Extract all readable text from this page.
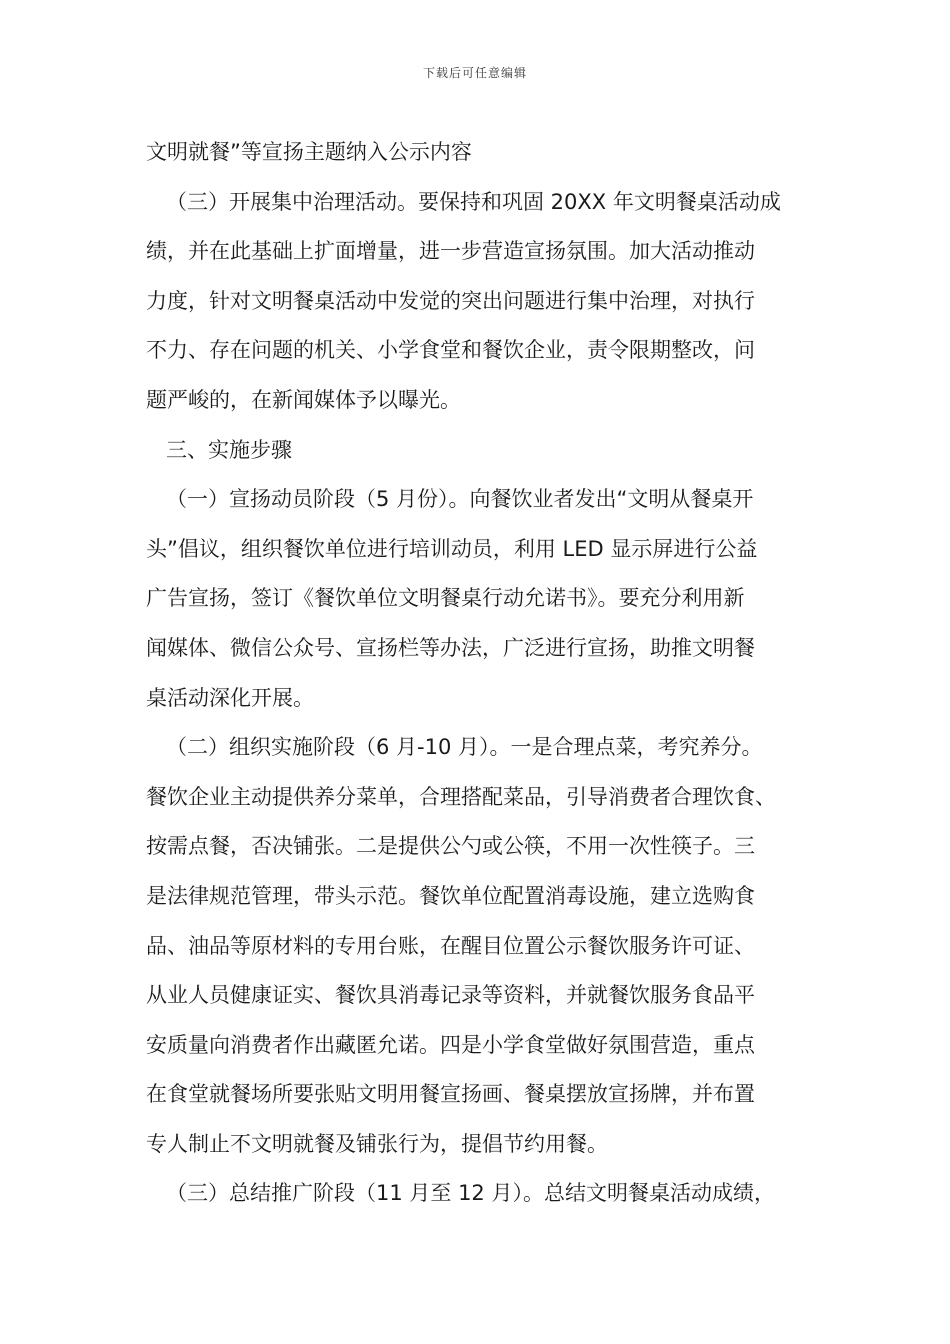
下载后可任意编辑
文明就餐”等宣扬主题纳入公示内容
（三）开展集中治理活动。要保持和巩固 20XX 年文明餐桌活动成
绩，并在此基础上扩面增量，进一步营造宣扬氛围。加大活动推动
力度，针对文明餐桌活动中发觉的突出问题进行集中治理，对执行
不力、存在问题的机关、小学食堂和餐饮企业，责令限期整改，问
题严峻的，在新闻媒体予以曝光。
三、实施步骤
（一）宣扬动员阶段（5 月份）。向餐饮业者发出“文明从餐桌开
头”倡议，组织餐饮单位进行培训动员，利用 LED 显示屏进行公益
广告宣扬，签订《餐饮单位文明餐桌行动允诺书》。要充分利用新
闻媒体、微信公众号、宣扬栏等办法，广泛进行宣扬，助推文明餐
桌活动深化开展。
（二）组织实施阶段（6 月-10 月）。一是合理点菜，考究养分。
餐饮企业主动提供养分菜单，合理搭配菜品，引导消费者合理饮食、
按需点餐，否决铺张。二是提供公勺或公筷，不用一次性筷子。三
是法律规范管理，带头示范。餐饮单位配置消毒设施，建立选购食
品、油品等原材料的专用台账，在醒目位置公示餐饮服务许可证、
从业人员健康证实、餐饮具消毒记录等资料，并就餐饮服务食品平
安质量向消费者作出藏匿允诺。四是小学食堂做好氛围营造，重点
在食堂就餐场所要张贴文明用餐宣扬画、餐桌摆放宣扬牌，并布置
专人制止不文明就餐及铺张行为，提倡节约用餐。
（三）总结推广阶段（11 月至 12 月）。总结文明餐桌活动成绩，
